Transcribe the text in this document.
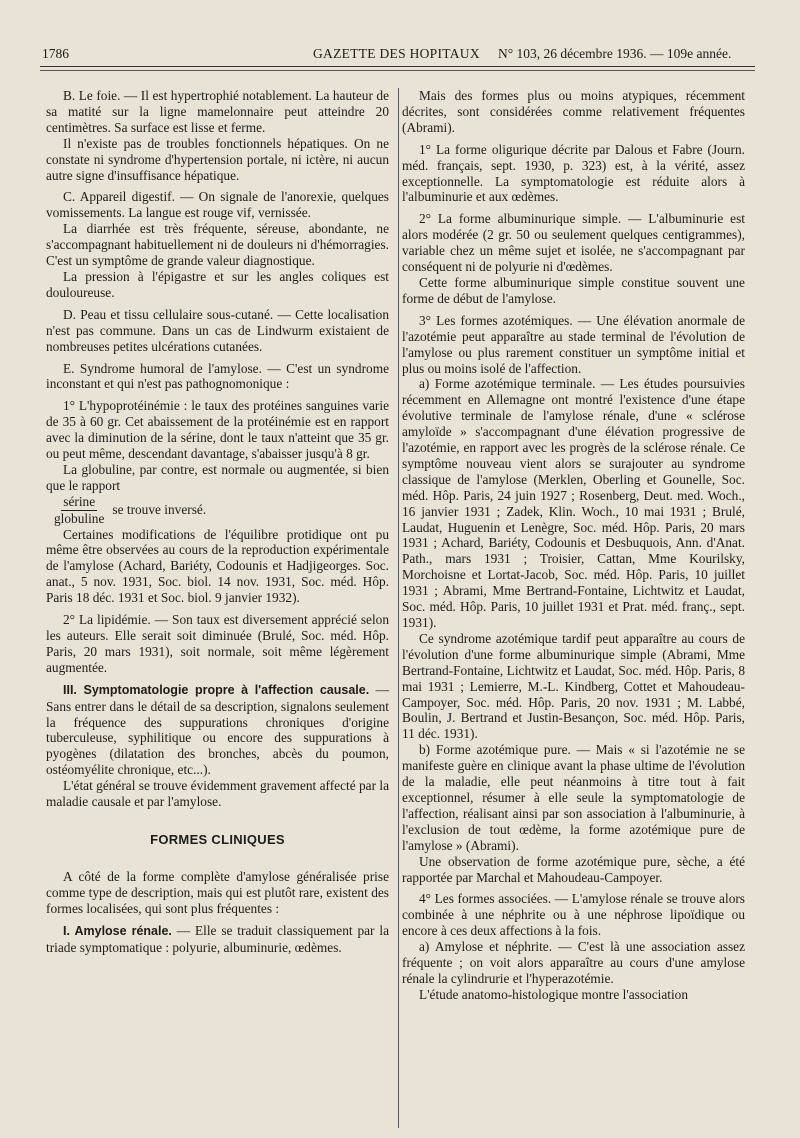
1786	GAZETTE DES HOPITAUX N° 103, 26 décembre 1936. — 109e année.

B. Le foie. — Il est hypertrophié notablement. La hauteur de sa matité sur la ligne mamelonnaire peut atteindre 20 centimètres. Sa surface est lisse et ferme.

Il n'existe pas de troubles fonctionnels hépatiques. On ne constate ni syndrome d'hypertension portale, ni ictère, ni aucun autre signe d'insuffisance hépatique.

C. Appareil digestif. — On signale de l'anorexie, quelques vomissements. La langue est rouge vif, vernissée.

La diarrhée est très fréquente, séreuse, abondante, ne s'accompagnant habituellement ni de douleurs ni d'hémorragies. C'est un symptôme de grande valeur diagnostique.

La pression à l'épigastre et sur les angles coliques est douloureuse.

D. Peau et tissu cellulaire sous-cutané. — Cette localisation n'est pas commune. Dans un cas de Lindwurm existaient de nombreuses petites ulcérations cutanées.

E. Syndrome humoral de l'amylose. — C'est un syndrome inconstant et qui n'est pas pathognomonique :

1° L'hypoprotéinémie : le taux des protéines sanguines varie de 35 à 60 gr. Cet abaissement de la protéinémie est en rapport avec la diminution de la sérine, dont le taux n'atteint que 35 gr. ou peut même, descendant davantage, s'abaisser jusqu'à 8 gr.

La globuline, par contre, est normale ou augmentée, si bien que le rapport

$\frac{\text{sérine}}{\text{globuline}}$ se trouve inversé.

Certaines modifications de l'équilibre protidique ont pu même être observées au cours de la reproduction expérimentale de l'amylose (Achard, Bariéty, Codounis et Hadjigeorges. Soc. anat., 5 nov. 1931, Soc. biol. 14 nov. 1931, Soc. méd. Hôp. Paris 18 déc. 1931 et Soc. biol. 9 janvier 1932).

2° La lipidémie. — Son taux est diversement apprécié selon les auteurs. Elle serait soit diminuée (Brulé, Soc. méd. Hôp. Paris, 20 mars 1931), soit normale, soit même légèrement augmentée.

III. Symptomatologie propre à l'affection causale. — Sans entrer dans le détail de sa description, signalons seulement la fréquence des suppurations chroniques d'origine tuberculeuse, syphilitique ou encore des suppurations à pyogènes (dilatation des bronches, abcès du poumon, ostéomyélite chronique, etc...).

L'état général se trouve évidemment gravement affecté par la maladie causale et par l'amylose.

FORMES CLINIQUES

A côté de la forme complète d'amylose généralisée prise comme type de description, mais qui est plutôt rare, existent des formes localisées, qui sont plus fréquentes :

I. Amylose rénale. — Elle se traduit classiquement par la triade symptomatique : polyurie, albuminurie, œdèmes.

Mais des formes plus ou moins atypiques, récemment décrites, sont considérées comme relativement fréquentes (Abrami).

1° La forme oligurique décrite par Dalous et Fabre (Journ. méd. français, sept. 1930, p. 323) est, à la vérité, assez exceptionnelle. La symptomatologie est réduite alors à l'albuminurie et aux œdèmes.

2° La forme albuminurique simple. — L'albuminurie est alors modérée (2 gr. 50 ou seulement quelques centigrammes), variable chez un même sujet et isolée, ne s'accompagnant par conséquent ni de polyurie ni d'œdèmes.

Cette forme albuminurique simple constitue souvent une forme de début de l'amylose.

3° Les formes azotémiques. — Une élévation anormale de l'azotémie peut apparaître au stade terminal de l'évolution de l'amylose ou plus rarement constituer un symptôme initial et plus ou moins isolé de l'affection.

a) Forme azotémique terminale. — Les études poursuivies récemment en Allemagne ont montré l'existence d'une étape évolutive terminale de l'amylose rénale, d'une « sclérose amyloïde » s'accompagnant d'une élévation progressive de l'azotémie, en rapport avec les progrès de la sclérose rénale. Ce symptôme nouveau vient alors se surajouter au syndrome classique de l'amylose (Merklen, Oberling et Gounelle, Soc. méd. Hôp. Paris, 24 juin 1927 ; Rosenberg, Deut. med. Woch., 16 janvier 1931 ; Zadek, Klin. Woch., 10 mai 1931 ; Brulé, Laudat, Huguenin et Lenègre, Soc. méd. Hôp. Paris, 20 mars 1931 ; Achard, Bariéty, Codounis et Desbuquois, Ann. d'Anat. Path., mars 1931 ; Troisier, Cattan, Mme Kourilsky, Morchoisne et Lortat-Jacob, Soc. méd. Hôp. Paris, 10 juillet 1931 ; Abrami, Mme Bertrand-Fontaine, Lichtwitz et Laudat, Soc. méd. Hôp. Paris, 10 juillet 1931 et Prat. méd. franç., sept. 1931).

Ce syndrome azotémique tardif peut apparaître au cours de l'évolution d'une forme albuminurique simple (Abrami, Mme Bertrand-Fontaine, Lichtwitz et Laudat, Soc. méd. Hôp. Paris, 8 mai 1931 ; Lemierre, M.-L. Kindberg, Cottet et Mahoudeau-Campoyer, Soc. méd. Hôp. Paris, 20 nov. 1931 ; M. Labbé, Boulin, J. Bertrand et Justin-Besançon, Soc. méd. Hôp. Paris, 11 déc. 1931).

b) Forme azotémique pure. — Mais « si l'azotémie ne se manifeste guère en clinique avant la phase ultime de l'évolution de la maladie, elle peut néanmoins à titre tout à fait exceptionnel, résumer à elle seule la symptomatologie de l'affection, réalisant ainsi par son association à l'albuminurie, à l'exclusion de tout œdème, la forme azotémique pure de l'amylose » (Abrami).

Une observation de forme azotémique pure, sèche, a été rapportée par Marchal et Mahoudeau-Campoyer.

4° Les formes associées. — L'amylose rénale se trouve alors combinée à une néphrite ou à une néphrose lipoïdique ou encore à ces deux affections à la fois.

a) Amylose et néphrite. — C'est là une association assez fréquente ; on voit alors apparaître au cours d'une amylose rénale la cylindrurie et l'hyperazotémie.

L'étude anatomo-histologique montre l'association
